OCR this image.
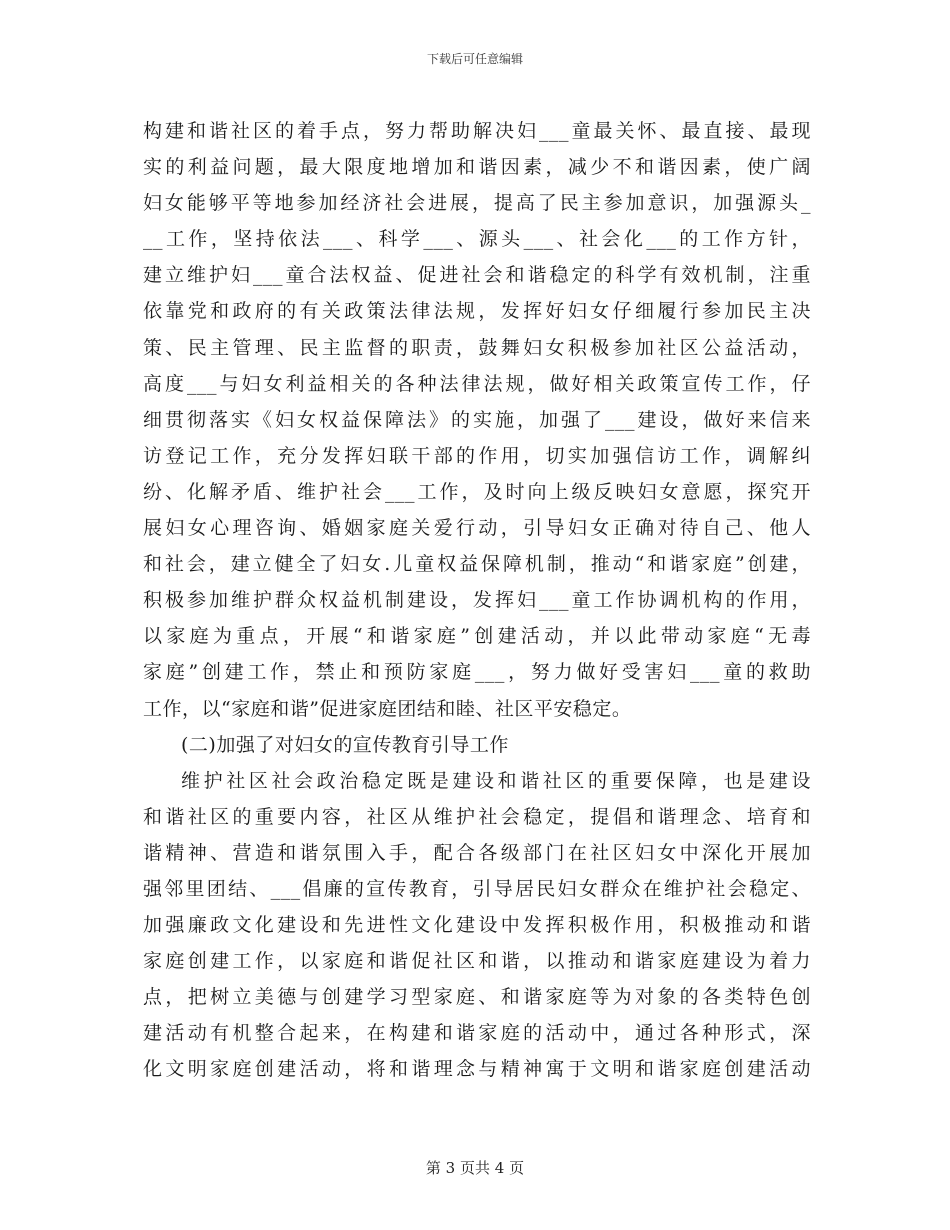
下载后可任意编辑
构建和谐社区的着手点，努力帮助解决妇___童最关怀、最直接、最现
实的利益问题，最大限度地增加和谐因素，减少不和谐因素，使广阔
妇女能够平等地参加经济社会进展，提高了民主参加意识，加强源头_
__工作，坚持依法___、科学___、源头___、社会化___的工作方针，
建立维护妇___童合法权益、促进社会和谐稳定的科学有效机制，注重
依靠党和政府的有关政策法律法规，发挥好妇女仔细履行参加民主决
策、民主管理、民主监督的职责，鼓舞妇女积极参加社区公益活动，
高度___与妇女利益相关的各种法律法规，做好相关政策宣传工作，仔
细贯彻落实《妇女权益保障法》的实施，加强了___建设，做好来信来
访登记工作，充分发挥妇联干部的作用，切实加强信访工作，调解纠
纷、化解矛盾、维护社会___工作，及时向上级反映妇女意愿，探究开
展妇女心理咨询、婚姻家庭关爱行动，引导妇女正确对待自己、他人
和社会，建立健全了妇女.儿童权益保障机制，推动“和谐家庭”创建，
积极参加维护群众权益机制建设，发挥妇___童工作协调机构的作用，
以家庭为重点，开展“和谐家庭”创建活动，并以此带动家庭“无毒
家庭”创建工作，禁止和预防家庭___，努力做好受害妇___童的救助
工作，以“家庭和谐”促进家庭团结和睦、社区平安稳定。
(二)加强了对妇女的宣传教育引导工作
维护社区社会政治稳定既是建设和谐社区的重要保障，也是建设
和谐社区的重要内容，社区从维护社会稳定，提倡和谐理念、培育和
谐精神、营造和谐氛围入手，配合各级部门在社区妇女中深化开展加
强邻里团结、___倡廉的宣传教育，引导居民妇女群众在维护社会稳定、
加强廉政文化建设和先进性文化建设中发挥积极作用，积极推动和谐
家庭创建工作，以家庭和谐促社区和谐，以推动和谐家庭建设为着力
点，把树立美德与创建学习型家庭、和谐家庭等为对象的各类特色创
建活动有机整合起来，在构建和谐家庭的活动中，通过各种形式，深
化文明家庭创建活动，将和谐理念与精神寓于文明和谐家庭创建活动
第 3 页共 4 页
